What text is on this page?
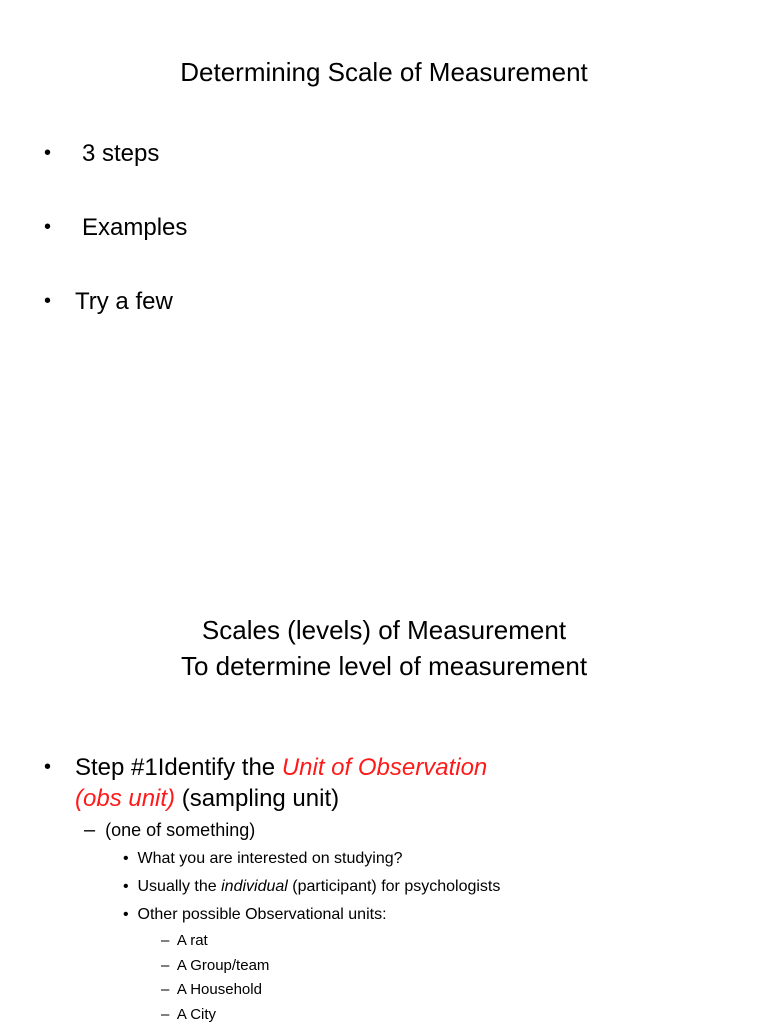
Determining Scale of Measurement
• 3 steps
• Examples
• Try a few
Scales (levels) of Measurement
To determine level of measurement
• Step #1Identify the Unit of Observation
(obs unit) (sampling unit)
– (one of something)
•  What you are interested on studying?
•  Usually the individual (participant) for psychologists
•  Other possible Observational units:
–  A rat
–  A Group/team
–  A Household
–  A City
